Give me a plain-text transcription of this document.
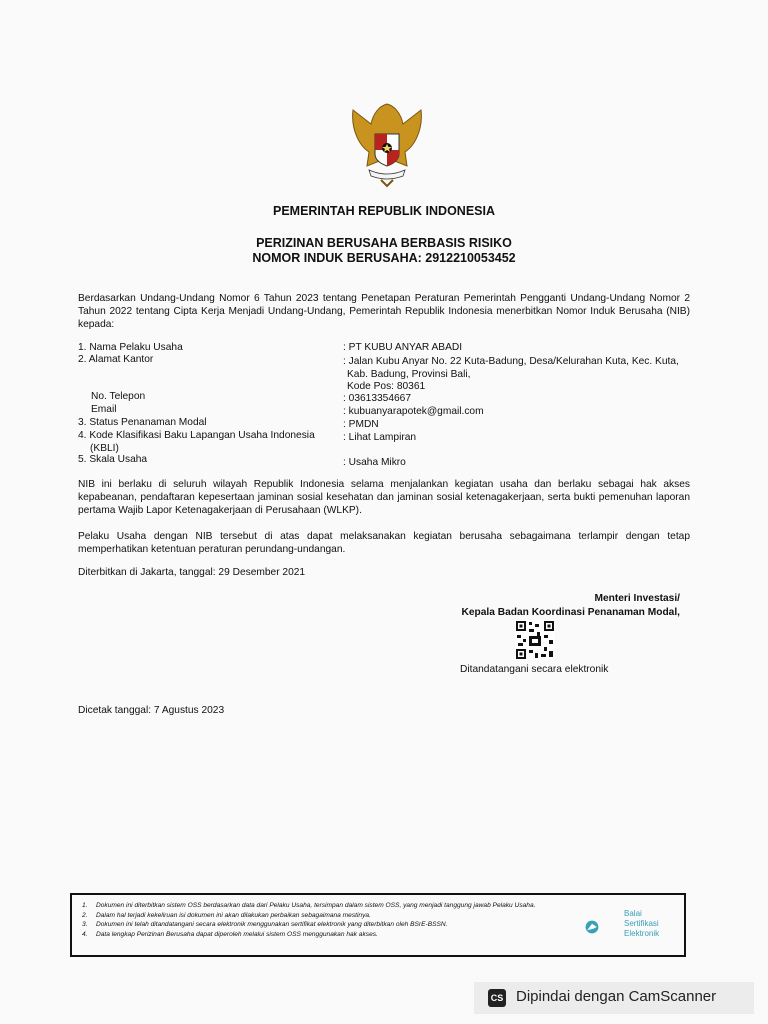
PEMERINTAH REPUBLIK INDONESIA
PERIZINAN BERUSAHA BERBASIS RISIKO
NOMOR INDUK BERUSAHA: 2912210053452
Berdasarkan Undang-Undang Nomor 6 Tahun 2023 tentang Penetapan Peraturan Pemerintah Pengganti Undang-Undang Nomor 2 Tahun 2022 tentang Cipta Kerja Menjadi Undang-Undang, Pemerintah Republik Indonesia menerbitkan Nomor Induk Berusaha (NIB) kepada:
1. Nama Pelaku Usaha	: PT KUBU ANYAR ABADI
2. Alamat Kantor	: Jalan Kubu Anyar No. 22 Kuta-Badung, Desa/Kelurahan Kuta, Kec. Kuta,
Kab. Badung, Provinsi Bali,
Kode Pos: 80361
No. Telepon	: 03613354667
Email	: kubuanyarapotek@gmail.com
3. Status Penanaman Modal	: PMDN
4. Kode Klasifikasi Baku Lapangan Usaha Indonesia
(KBLI)
: Lihat Lampiran
5. Skala Usaha	: Usaha Mikro
NIB ini berlaku di seluruh wilayah Republik Indonesia selama menjalankan kegiatan usaha dan berlaku sebagai hak akses kepabeanan, pendaftaran kepesertaan jaminan sosial kesehatan dan jaminan sosial ketenagakerjaan, serta bukti pemenuhan laporan pertama Wajib Lapor Ketenagakerjaan di Perusahaan (WLKP).
Pelaku Usaha dengan NIB tersebut di atas dapat melaksanakan kegiatan berusaha sebagaimana terlampir dengan tetap memperhatikan ketentuan peraturan perundang-undangan.
Diterbitkan di Jakarta, tanggal: 29 Desember 2021
Menteri Investasi/
Kepala Badan Koordinasi Penanaman Modal,
Ditandatangani secara elektronik
Dicetak tanggal: 7 Agustus 2023
1.	Dokumen ini diterbitkan sistem OSS berdasarkan data dari Pelaku Usaha, tersimpan dalam sistem OSS, yang menjadi tanggung jawab Pelaku Usaha.
2.	Dalam hal terjadi kekeliruan isi dokumen ini akan dilakukan perbaikan sebagaimana mestinya.
3.	Dokumen ini telah ditandatangani secara elektronik menggunakan sertifikat elektronik yang diterbitkan oleh BSrE-BSSN.
4.	Data lengkap Perizinan Berusaha dapat diperoleh melalui sistem OSS menggunakan hak akses.
Balai
Sertifikasi
Elektronik
CS Dipindai dengan CamScanner
